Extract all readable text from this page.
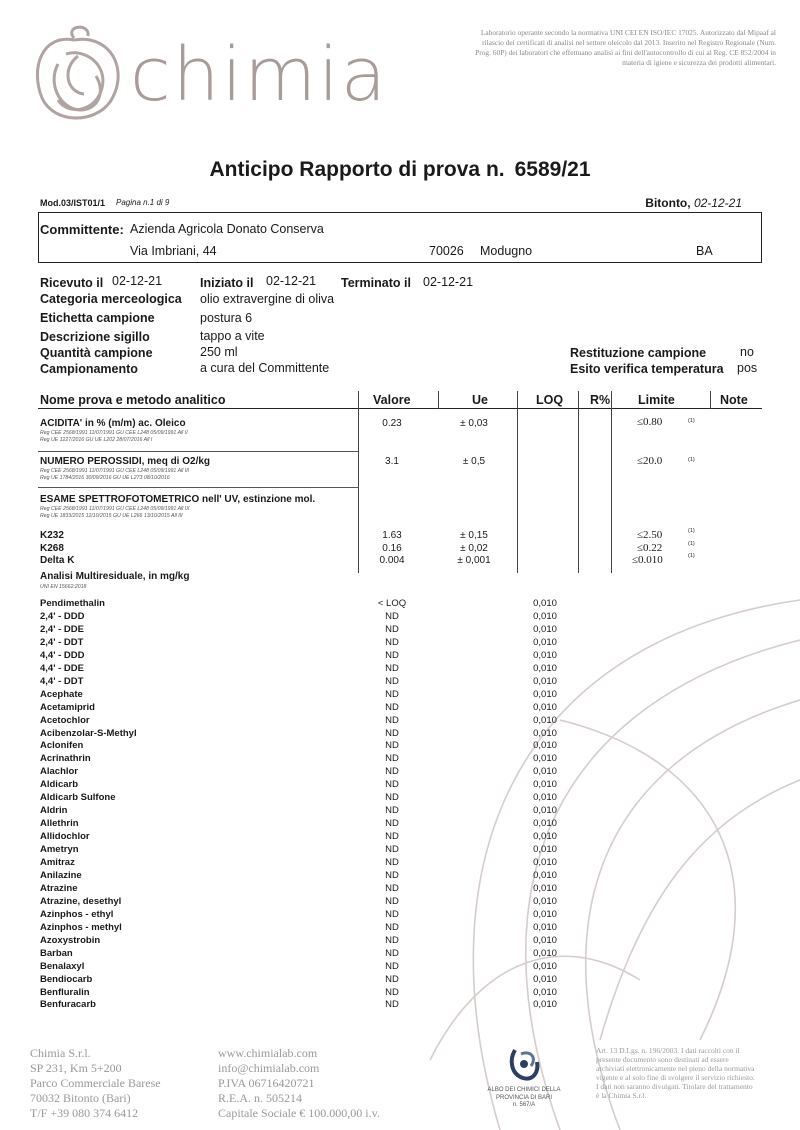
chimia	Laboratorio operante secondo la normativa UNI CEI EN ISO/IEC 17025. Autorizzato dal Mipaaf al rilascio dei certificati di analisi nel settore oleicolo dal 2013. Inserito nel Registro Regionale (Num. Prog. 60P) dei laboratori che effettuano analisi ai fini dell'autocontrollo di cui al Reg. CE 852/2004 in materia di igiene e sicurezza dei prodotti alimentari.
Anticipo Rapporto di prova n. 6589/21
Mod.03/IST01/1 Pagina n.1 di 9	Bitonto, 02-12-21
Committente: Azienda Agricola Donato Conserva
Via Imbriani, 44	70026 Modugno	BA
Ricevuto il 02-12-21	Iniziato il 02-12-21 Terminato il 02-12-21
Categoria merceologica olio extravergine di oliva
Etichetta campione	postura 6
Descrizione sigillo	tappo a vite
Quantità campione	250 ml
Campionamento	a cura del Committente
Restituzione campione	no
Esito verifica temperatura pos
Nome prova e metodo analitico	Valore	Ue	LOQ R% Limite	Note
ACIDITA' in % (m/m) ac. Oleico
Reg CEE 2568/1991 11/07/1991 GU CEE L248 05/09/1991 All II
Reg UE 1227/2016 GU UE L202 28/07/2016 All I
0.23	± 0,03	≤0.80	(1)
NUMERO PEROSSIDI, meq di O2/kg
Reg CEE 2568/1991 11/07/1991 GU CEE L248 05/09/1991 All III
Reg UE 1784/2016 30/09/2016 GU UE L273 08/10/2016
3.1	± 0,5	≤20.0	(1)
ESAME SPETTROFOTOMETRICO nell' UV, estinzione mol.
Reg CEE 2568/1991 11/07/1991 GU CEE L248 05/09/1991 All IX
Reg UE 1833/2015 12/10/2015 GU UE L266 13/10/2015 All III
K232	1.63	± 0,15	≤2.50	(1)
K268	0.16	± 0,02	≤0.22	(1)
Delta K	0.004	± 0,001	≤0.010	(1)
Analisi Multiresiduale, in mg/kg
UNI EN 15662:2018
Pendimethalin	< LOQ	0,010
2,4' - DDD	ND	0,010
2,4' - DDE	ND	0,010
2,4' - DDT	ND	0,010
4,4' - DDD	ND	0,010
4,4' - DDE	ND	0,010
4,4' - DDT	ND	0,010
Acephate	ND	0,010
Acetamiprid	ND	0,010
Acetochlor	ND	0,010
Acibenzolar-S-Methyl	ND	0,010
Aclonifen	ND	0,010
Acrinathrin	ND	0,010
Alachlor	ND	0,010
Aldicarb	ND	0,010
Aldicarb Sulfone	ND	0,010
Aldrin	ND	0,010
Allethrin	ND	0,010
Allidochlor	ND	0,010
Ametryn	ND	0,010
Amitraz	ND	0,010
Anilazine	ND	0,010
Atrazine	ND	0,010
Atrazine, desethyl	ND	0,010
Azinphos - ethyl	ND	0,010
Azinphos - methyl	ND	0,010
Azoxystrobin	ND	0,010
Barban	ND	0,010
Benalaxyl	ND	0,010
Bendiocarb	ND	0,010
Benfluralin	ND	0,010
Benfuracarb	ND	0,010
Chimia S.r.l.
SP 231, Km 5+200
Parco Commerciale Barese
70032 Bitonto (Bari)
T/F +39 080 374 6412
www.chimialab.com
info@chimialab.com
P.IVA 06716420721
R.E.A. n. 505214
Capitale Sociale € 100.000,00 i.v.
ALBO DEI CHIMICI DELLA
PROVINCIA DI BARI
n. 567/A
Art. 13 D.Lgs. n. 196/2003. I dati raccolti con il presente documento sono destinati ad essere archiviati elettronicamente nel pieno della normativa vigente e al solo fine di svolgere il servizio richiesto. I dati non saranno divulgati. Titolare del trattamento è la Chimia S.r.l.
